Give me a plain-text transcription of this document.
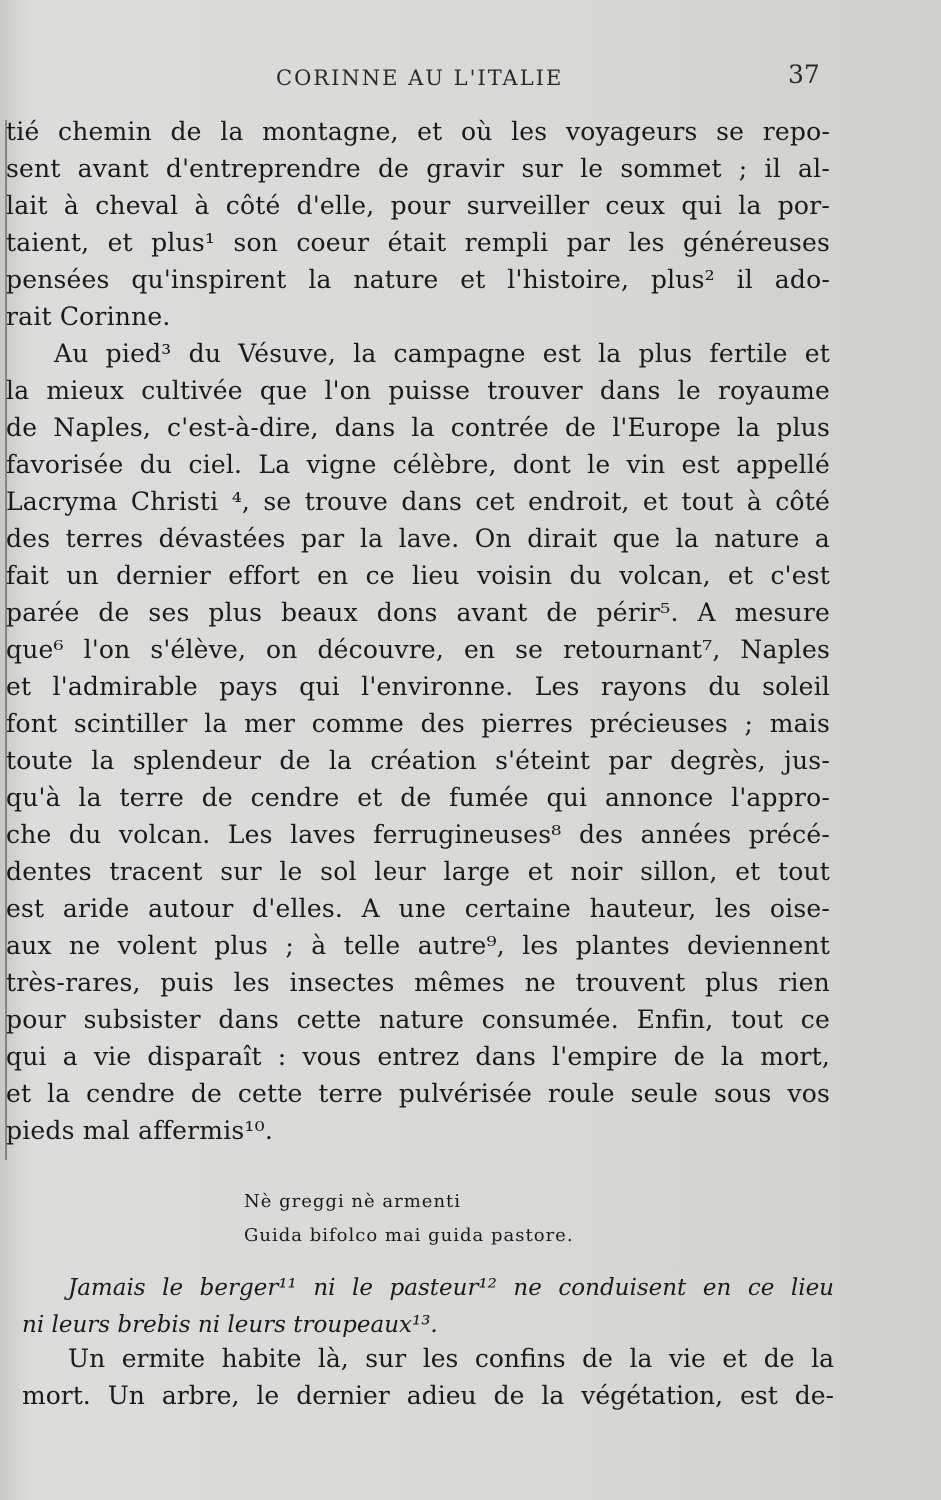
CORINNE AU L'ITALIE	37
tié chemin de la montagne, et où les voyageurs se repo-
sent avant d'entreprendre de gravir sur le sommet ; il al-
lait à cheval à côté d'elle, pour surveiller ceux qui la por-
taient, et plus¹ son coeur était rempli par les généreuses
pensées qu'inspirent la nature et l'histoire, plus² il ado-
rait Corinne.
Au pied³ du Vésuve, la campagne est la plus fertile et
la mieux cultivée que l'on puisse trouver dans le royaume
de Naples, c'est-à-dire, dans la contrée de l'Europe la plus
favorisée du ciel. La vigne célèbre, dont le vin est appellé
Lacryma Christi ⁴, se trouve dans cet endroit, et tout à côté
des terres dévastées par la lave. On dirait que la nature a
fait un dernier effort en ce lieu voisin du volcan, et c'est
parée de ses plus beaux dons avant de périr⁵. A mesure
que⁶ l'on s'élève, on découvre, en se retournant⁷, Naples
et l'admirable pays qui l'environne. Les rayons du soleil
font scintiller la mer comme des pierres précieuses ; mais
toute la splendeur de la création s'éteint par degrès, jus-
qu'à la terre de cendre et de fumée qui annonce l'appro-
che du volcan. Les laves ferrugineuses⁸ des années précé-
dentes tracent sur le sol leur large et noir sillon, et tout
est aride autour d'elles. A une certaine hauteur, les oise-
aux ne volent plus ; à telle autre⁹, les plantes deviennent
très-rares, puis les insectes mêmes ne trouvent plus rien
pour subsister dans cette nature consumée. Enfin, tout ce
qui a vie disparaît : vous entrez dans l'empire de la mort,
et la cendre de cette terre pulvérisée roule seule sous vos
pieds mal affermis¹⁰.
Nè greggi nè armenti
Guida bifolco mai guida pastore.
Jamais le berger¹¹ ni le pasteur¹² ne conduisent en ce lieu
ni leurs brebis ni leurs troupeaux¹³.
Un ermite habite là, sur les confins de la vie et de la
mort. Un arbre, le dernier adieu de la végétation, est de-
